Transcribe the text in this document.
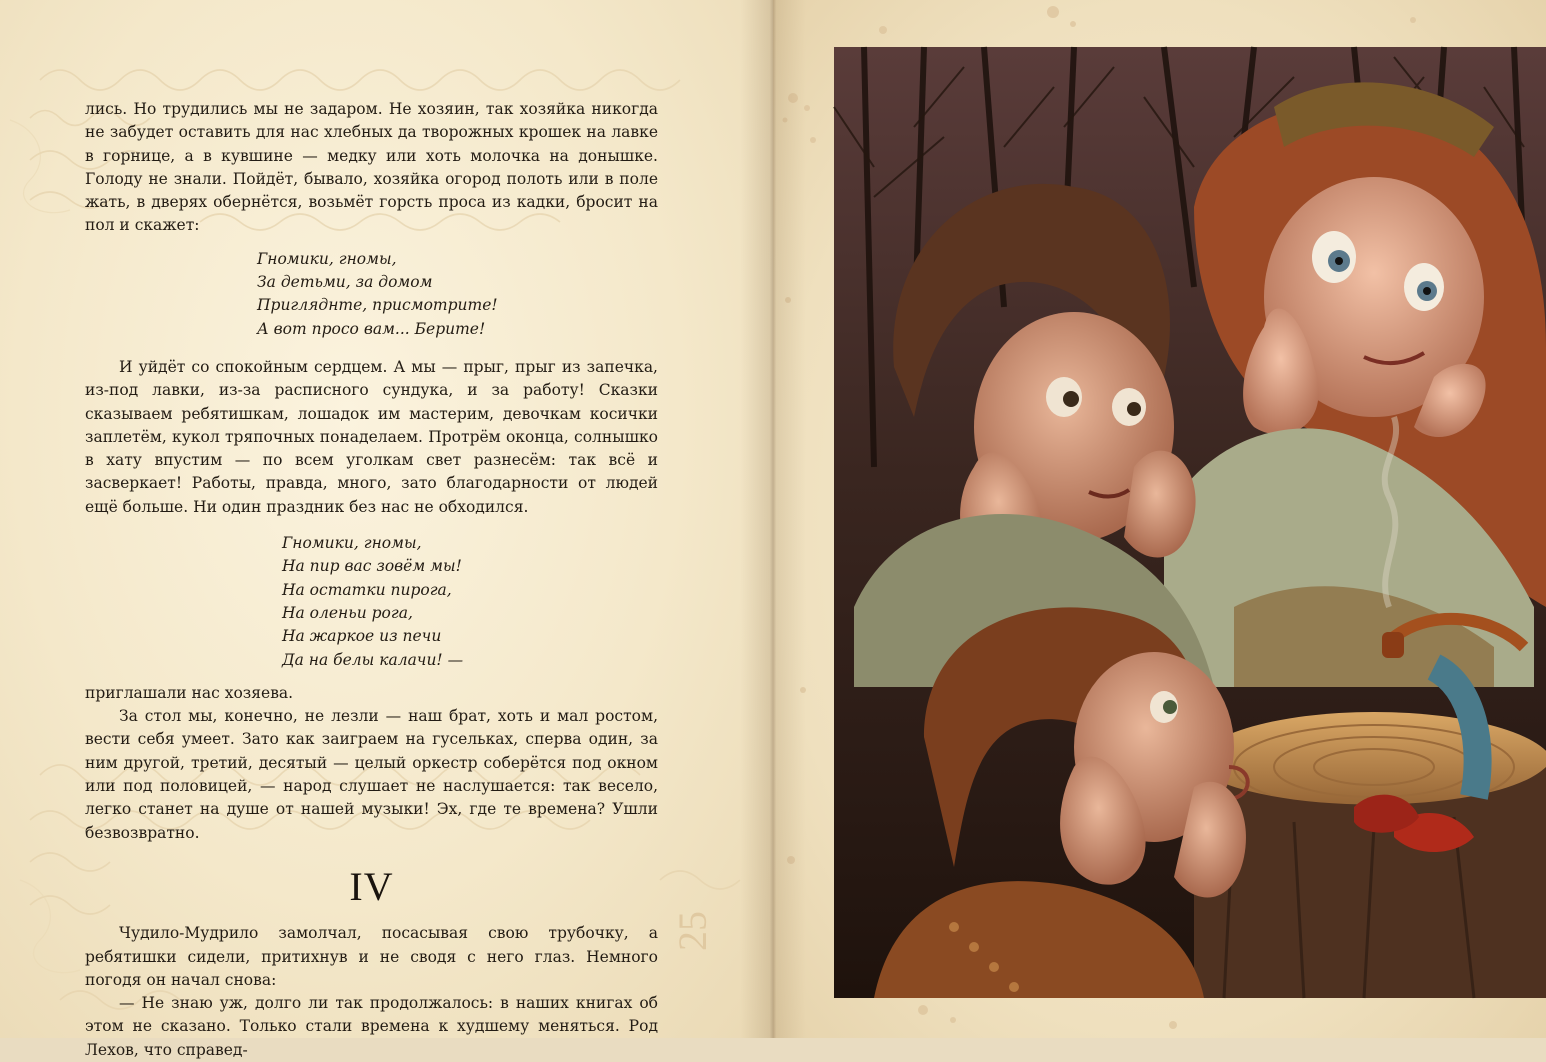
лись. Но трудились мы не задаром. Не хозяин, так хозяйка никогда не забудет оставить для нас хлебных да творожных крошек на лавке в горнице, а в кувшине — медку или хоть молочка на донышке. Голоду не знали. Пойдёт, бывало, хозяйка огород полоть или в поле жать, в дверях обернётся, возьмёт горсть проса из кадки, бросит на пол и скажет:

Гномики, гномы,
За детьми, за домом
Пригляднте, присмотрите!
А вот просо вам... Берите!

И уйдёт со спокойным сердцем. А мы — прыг, прыг из запечка, из-под лавки, из-за расписного сундука, и за работу! Сказки сказываем ребятишкам, лошадок им мастерим, девочкам косички заплетём, кукол тряпочных понаделаем. Протрём оконца, солнышко в хату впустим — по всем уголкам свет разнесём: так всё и засверкает! Работы, правда, много, зато благодарности от людей ещё больше. Ни один праздник без нас не обходился.

Гномики, гномы,
На пир вас зовём мы!
На остатки пирога,
На оленьи рога,
На жаркое из печи
Да на белы калачи! —

приглашали нас хозяева.

За стол мы, конечно, не лезли — наш брат, хоть и мал ростом, вести себя умеет. Зато как заиграем на гусельках, сперва один, за ним другой, третий, десятый — целый оркестр соберётся под окном или под половицей, — народ слушает не наслушается: так весело, легко станет на душе от нашей музыки! Эх, где те времена? Ушли безвозвратно.

IV

Чудило-Мудрило замолчал, посасывая свою трубочку, а ребятишки сидели, притихнув и не сводя с него глаз. Немного погодя он начал снова:

— Не знаю уж, долго ли так продолжалось: в наших книгах об этом не сказано. Только стали времена к худшему меняться. Род Лехов, что справед-

25
